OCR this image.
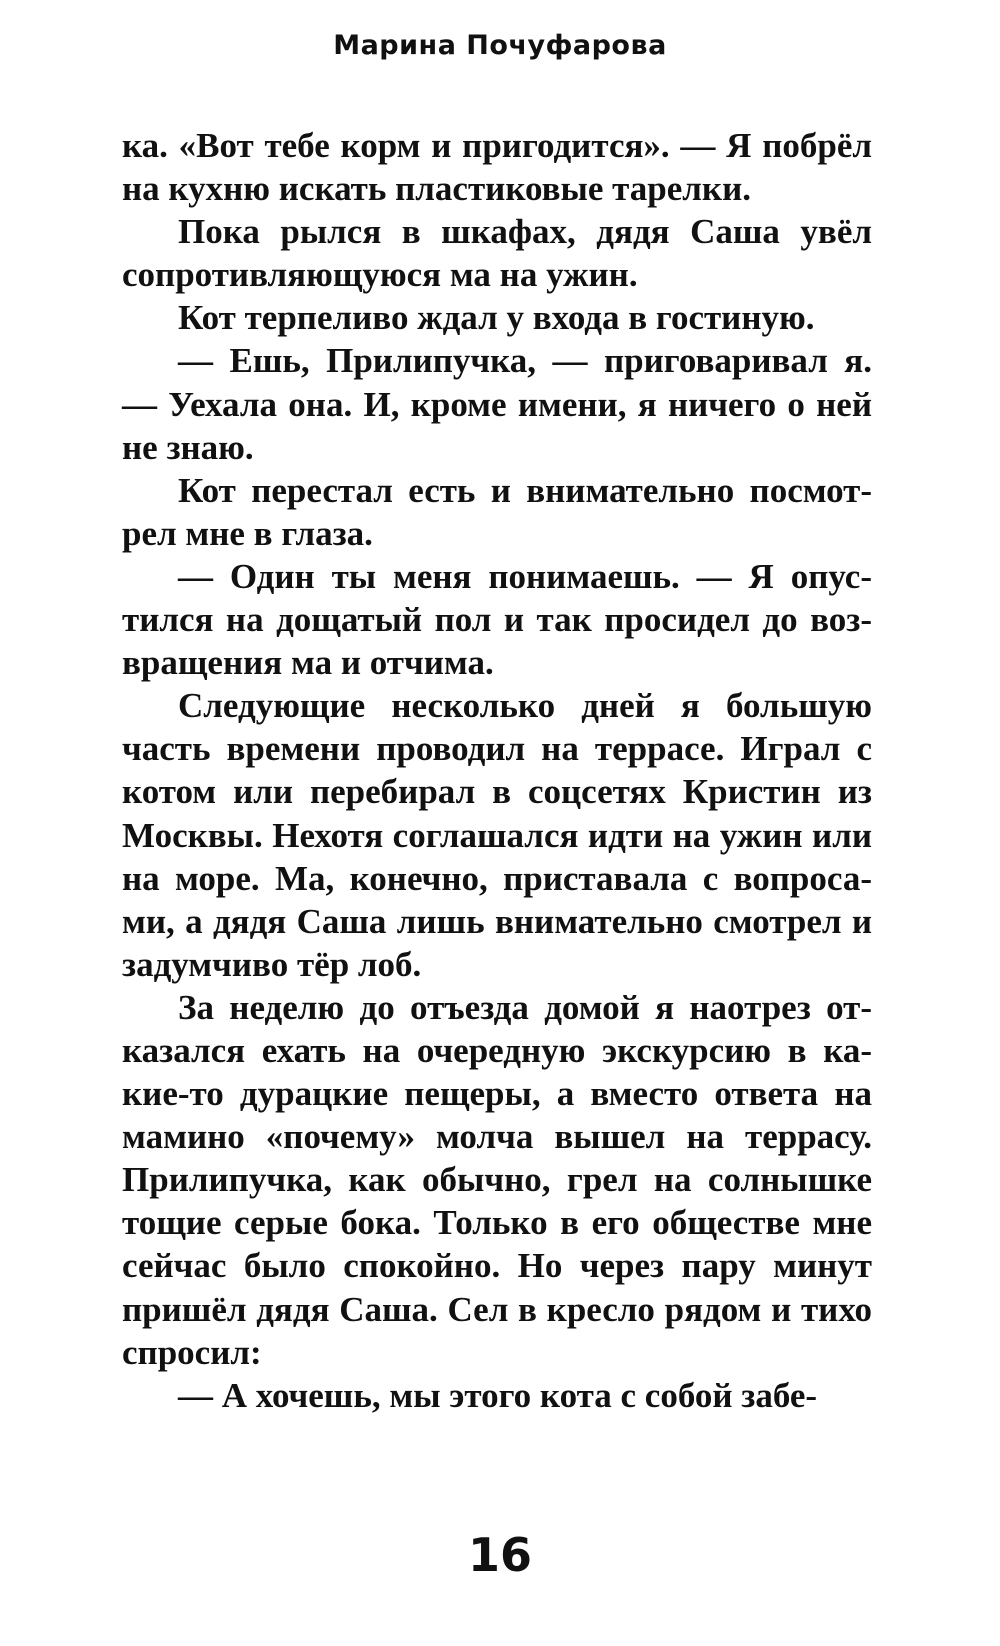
Марина Почуфарова

ка. «Вот тебе корм и пригодится». — Я побрёл на кухню искать пластиковые тарелки.

Пока рылся в шкафах, дядя Саша увёл сопротивляющуюся ма на ужин.

Кот терпеливо ждал у входа в гостиную.

— Ешь, Прилипучка, — приговаривал я. — Уехала она. И, кроме имени, я ничего о ней не знаю.

Кот перестал есть и внимательно посмотрел мне в глаза.

— Один ты меня понимаешь. — Я опустился на дощатый пол и так просидел до возвращения ма и отчима.

Следующие несколько дней я большую часть времени проводил на террасе. Играл с котом или перебирал в соцсетях Кристин из Москвы. Нехотя соглашался идти на ужин или на море. Ма, конечно, приставала с вопросами, а дядя Саша лишь внимательно смотрел и задумчиво тёр лоб.

За неделю до отъезда домой я наотрез отказался ехать на очередную экскурсию в какие-то дурацкие пещеры, а вместо ответа на мамино «почему» молча вышел на террасу. Прилипучка, как обычно, грел на солнышке тощие серые бока. Только в его обществе мне сейчас было спокойно. Но через пару минут пришёл дядя Саша. Сел в кресло рядом и тихо спросил:

— А хочешь, мы этого кота с собой забе-

16
